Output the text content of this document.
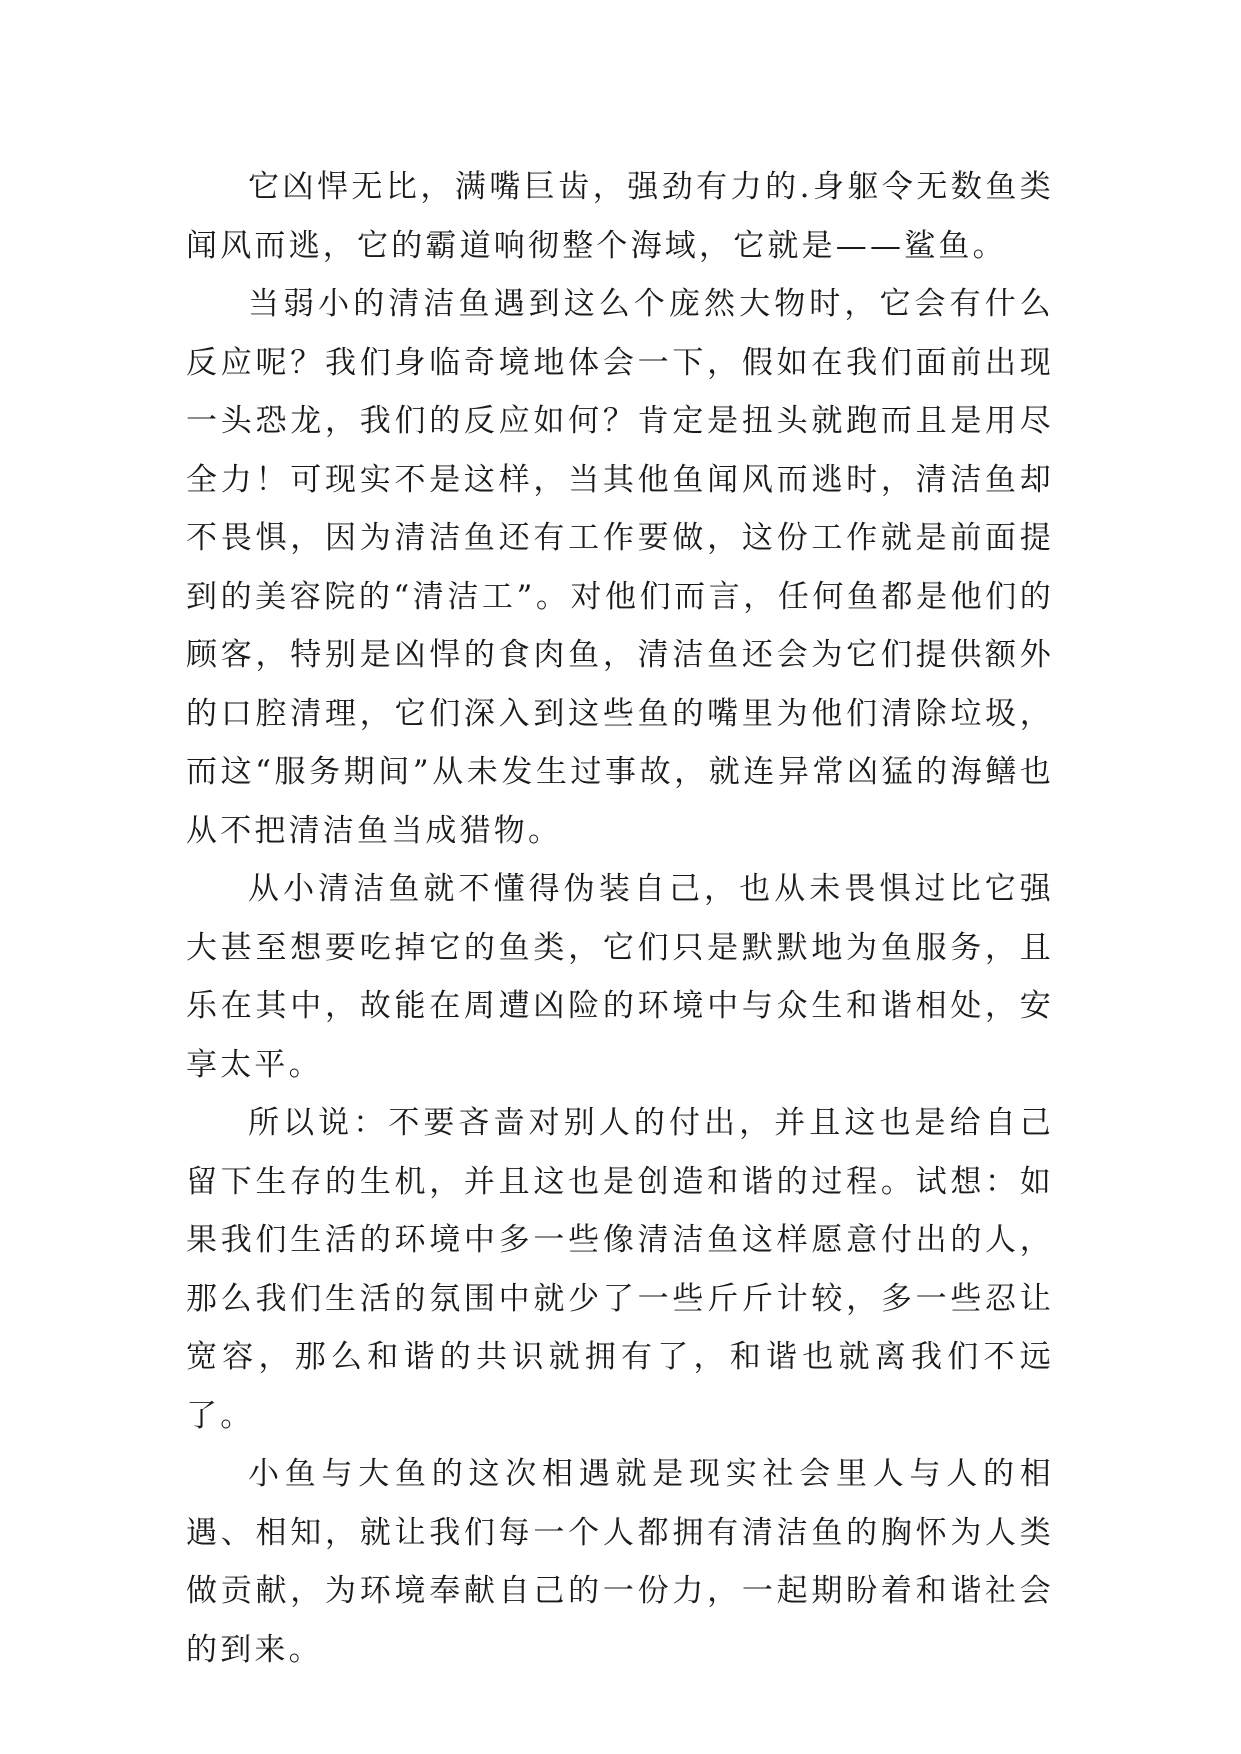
它凶悍无比，满嘴巨齿，强劲有力的.身躯令无数鱼类闻风而逃，它的霸道响彻整个海域，它就是——鲨鱼。

当弱小的清洁鱼遇到这么个庞然大物时，它会有什么反应呢？我们身临奇境地体会一下，假如在我们面前出现一头恐龙，我们的反应如何？肯定是扭头就跑而且是用尽全力！可现实不是这样，当其他鱼闻风而逃时，清洁鱼却不畏惧，因为清洁鱼还有工作要做，这份工作就是前面提到的美容院的“清洁工”。对他们而言，任何鱼都是他们的顾客，特别是凶悍的食肉鱼，清洁鱼还会为它们提供额外的口腔清理，它们深入到这些鱼的嘴里为他们清除垃圾，而这“服务期间”从未发生过事故，就连异常凶猛的海鳝也从不把清洁鱼当成猎物。

从小清洁鱼就不懂得伪装自己，也从未畏惧过比它强大甚至想要吃掉它的鱼类，它们只是默默地为鱼服务，且乐在其中，故能在周遭凶险的环境中与众生和谐相处，安享太平。

所以说：不要吝啬对别人的付出，并且这也是给自己留下生存的生机，并且这也是创造和谐的过程。试想：如果我们生活的环境中多一些像清洁鱼这样愿意付出的人，那么我们生活的氛围中就少了一些斤斤计较，多一些忍让宽容，那么和谐的共识就拥有了，和谐也就离我们不远了。

小鱼与大鱼的这次相遇就是现实社会里人与人的相遇、相知，就让我们每一个人都拥有清洁鱼的胸怀为人类做贡献，为环境奉献自己的一份力，一起期盼着和谐社会的到来。
